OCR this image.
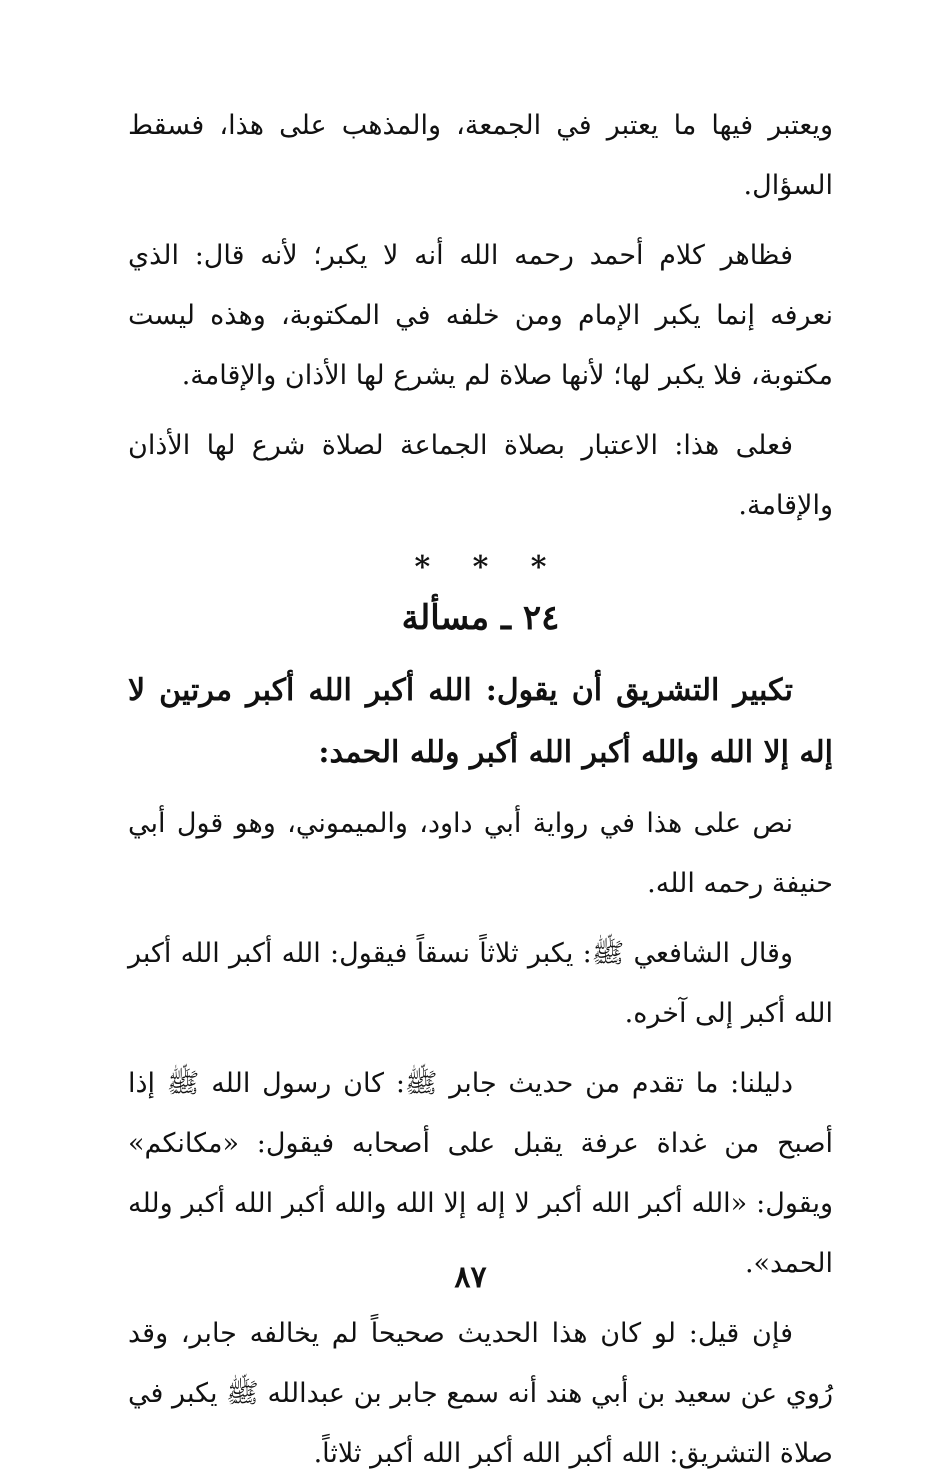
ويعتبر فيها ما يعتبر في الجمعة، والمذهب على هذا، فسقط السؤال.

فظاهر كلام أحمد رحمه الله أنه لا يكبر؛ لأنه قال: الذي نعرفه إنما يكبر الإمام ومن خلفه في المكتوبة، وهذه ليست مكتوبة، فلا يكبر لها؛ لأنها صلاة لم يشرع لها الأذان والإقامة.

فعلى هذا: الاعتبار بصلاة الجماعة لصلاة شرع لها الأذان والإقامة.

* * *

٢٤ ـ مسألة

تكبير التشريق أن يقول: الله أكبر الله أكبر مرتين لا إله إلا الله والله أكبر الله أكبر ولله الحمد:

نص على هذا في رواية أبي داود، والميموني، وهو قول أبي حنيفة رحمه الله.

وقال الشافعي ﷺ: يكبر ثلاثاً نسقاً فيقول: الله أكبر الله أكبر الله أكبر إلى آخره.

دليلنا: ما تقدم من حديث جابر ﷺ: كان رسول الله ﷺ إذا أصبح من غداة عرفة يقبل على أصحابه فيقول: «مكانكم» ويقول: «الله أكبر الله أكبر لا إله إلا الله والله أكبر الله أكبر ولله الحمد».

فإن قيل: لو كان هذا الحديث صحيحاً لم يخالفه جابر، وقد رُوي عن سعيد بن أبي هند أنه سمع جابر بن عبدالله ﷺ يكبر في صلاة التشريق: الله أكبر الله أكبر الله أكبر ثلاثاً.

٨٧
